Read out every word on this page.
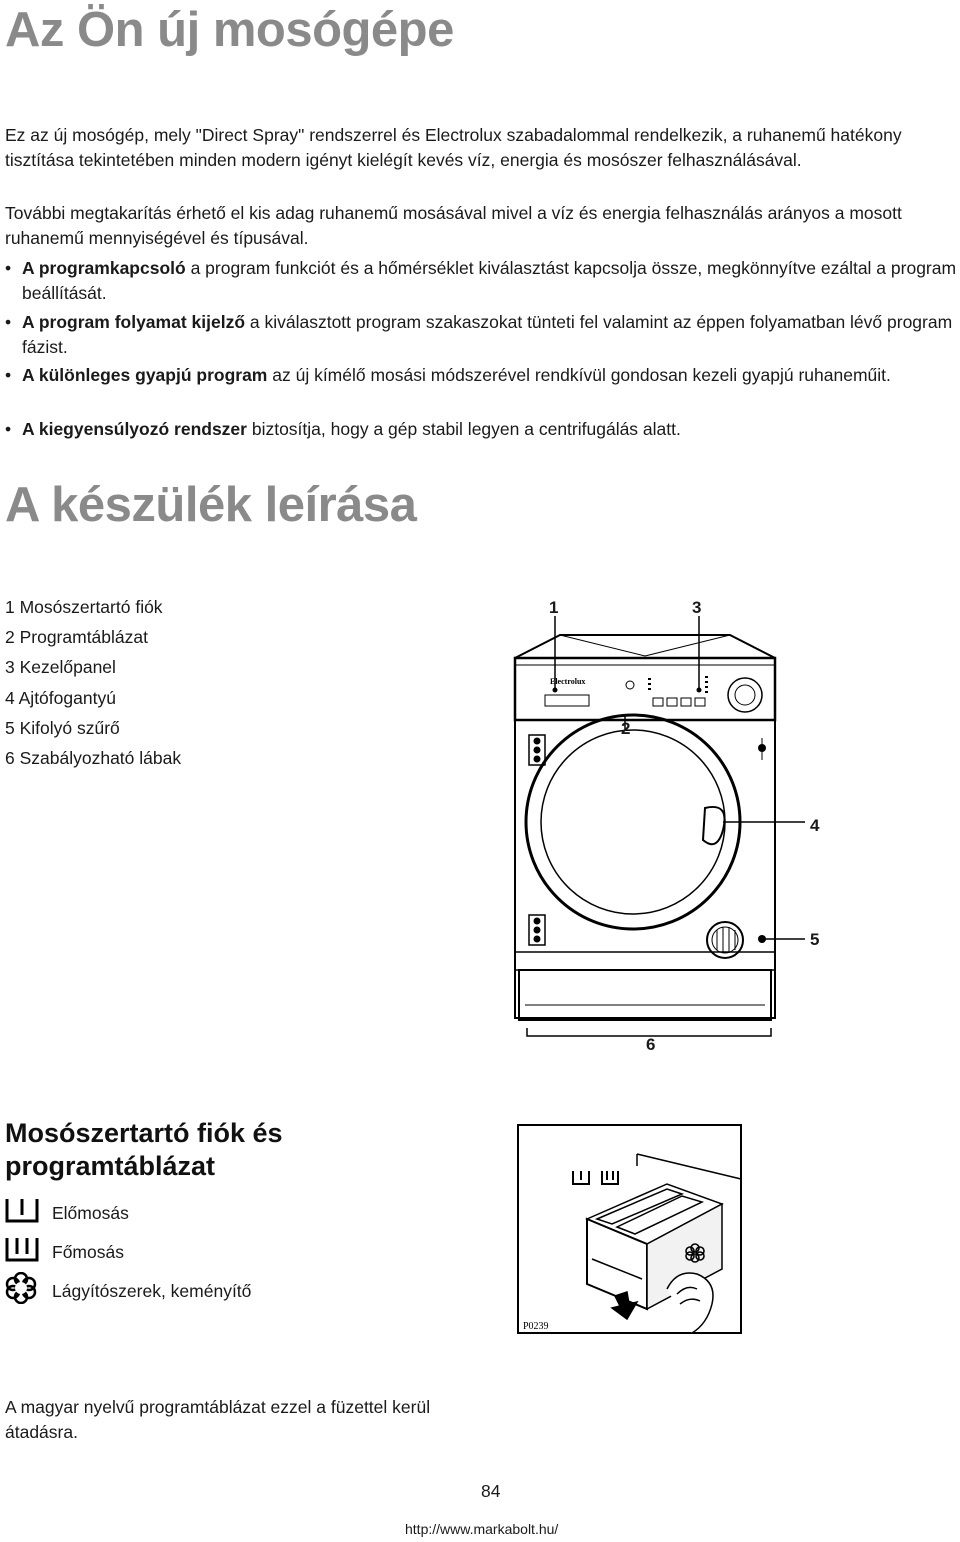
Az Ön új mosógépe
Ez az új mosógép, mely "Direct Spray" rendszerrel és Electrolux szabadalommal rendelkezik, a ruhanemű hatékony tisztítása tekintetében minden modern igényt kielégít kevés víz, energia és mosószer felhasználásával.
További megtakarítás érhető el kis adag ruhanemű mosásával mivel a víz és energia felhasználás arányos a mosott ruhanemű mennyiségével és típusával.
• A programkapcsoló a program funkciót és a hőmérséklet kiválasztást kapcsolja össze, megkönnyítve ezáltal a program beállítását.
• A program folyamat kijelző a kiválasztott program szakaszokat tünteti fel valamint az éppen folyamatban lévő program fázist.
• A különleges gyapjú program az új kímélő mosási módszerével rendkívül gondosan kezeli gyapjú ruhaneműit.
• A kiegyensúlyozó rendszer biztosítja, hogy a gép stabil legyen a centrifugálás alatt.
A készülék leírása
1 Mosószertartó fiók
2 Programtáblázat
3 Kezelőpanel
4 Ajtófogantyú
5 Kifolyó szűrő
6 Szabályozható lábak
Electrolux
1	3
2
4
5
6
Mosószertartó fiók és
programtáblázat
Előmosás
Főmosás
Lágyítószerek, keményítő
P0239
A magyar nyelvű programtáblázat ezzel a füzettel kerül átadásra.
84
http://www.markabolt.hu/
